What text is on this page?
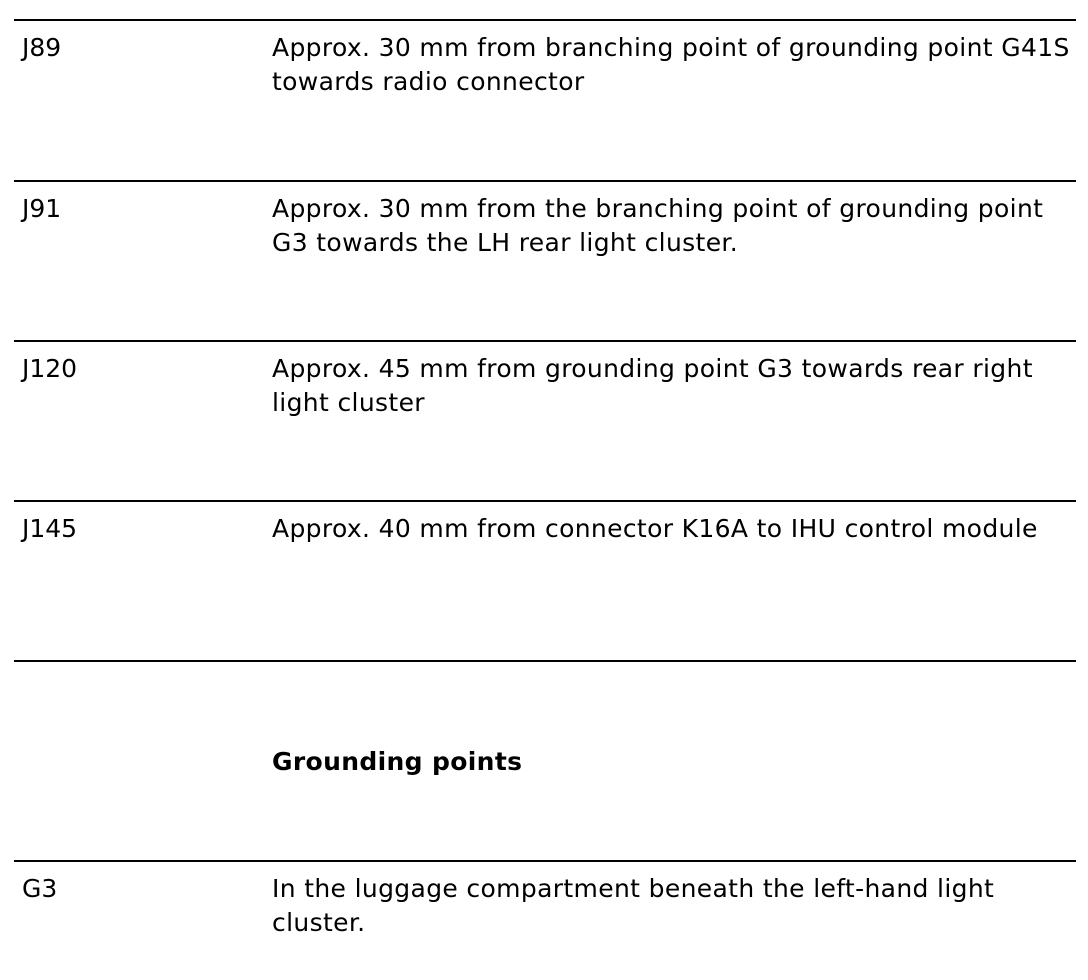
J89	Approx. 30 mm from branching point of grounding point G41S towards radio connector
J91	Approx. 30 mm from the branching point of grounding point G3 towards the LH rear light cluster.
J120	Approx. 45 mm from grounding point G3 towards rear right light cluster
J145	Approx. 40 mm from connector K16A to IHU control module
Grounding points
G3	In the luggage compartment beneath the left-hand light cluster.
